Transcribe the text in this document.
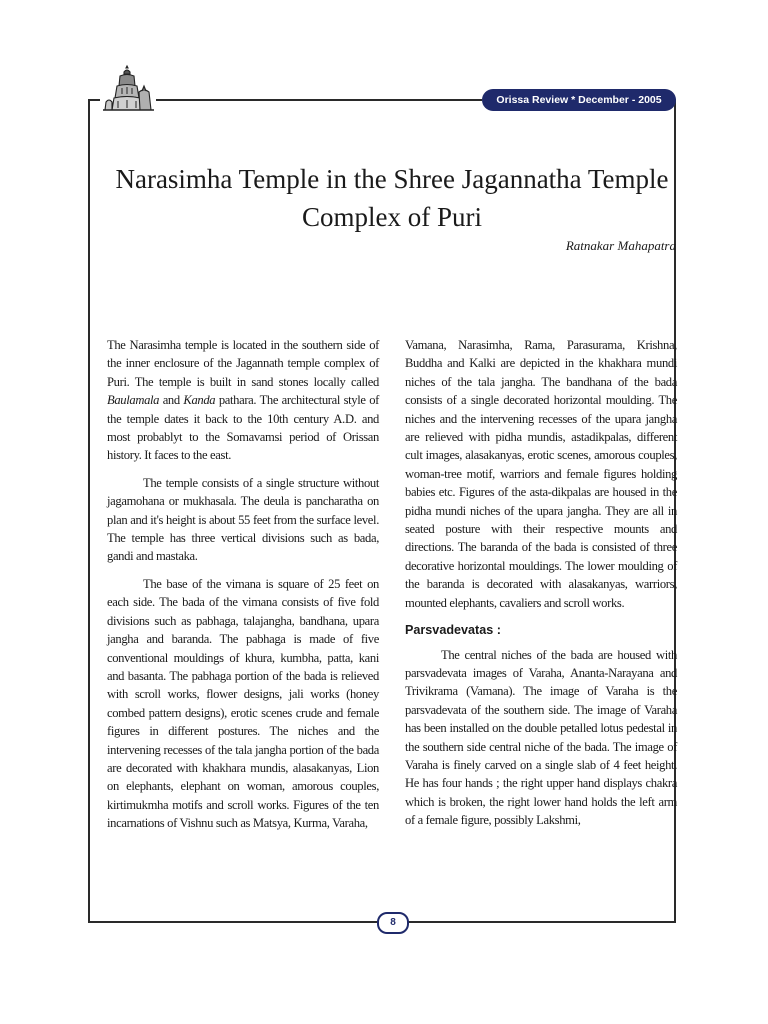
Orissa Review * December - 2005
Narasimha Temple in the Shree Jagannatha Temple Complex of Puri
Ratnakar Mahapatra

The Narasimha temple is located in the southern side of the inner enclosure of the Jagannath temple complex of Puri. The temple is built in sand stones locally called Baulamala and Kanda pathara. The architectural style of the temple dates it back to the 10th century A.D. and most probablyt to the Somavamsi period of Orissan history. It faces to the east.

The temple consists of a single structure without jagamohana or mukhasala. The deula is pancharatha on plan and it's height is about 55 feet from the surface level. The temple has three vertical divisions such as bada, gandi and mastaka.

The base of the vimana is square of 25 feet on each side. The bada of the vimana consists of five fold divisions such as pabhaga, talajangha, bandhana, upara jangha and baranda. The pabhaga is made of five conventional mouldings of khura, kumbha, patta, kani and basanta. The pabhaga portion of the bada is relieved with scroll works, flower designs, jali works (honey combed pattern designs), erotic scenes crude and female figures in different postures. The niches and the intervening recesses of the tala jangha portion of the bada are decorated with khakhara mundis, alasakanyas, Lion on elephants, elephant on woman, amorous couples, kirtimukmha motifs and scroll works. Figures of the ten incarnations of Vishnu such as Matsya, Kurma, Varaha,

Vamana, Narasimha, Rama, Parasurama, Krishna, Buddha and Kalki are depicted in the khakhara mundi niches of the tala jangha. The bandhana of the bada consists of a single decorated horizontal moulding. The niches and the intervening recesses of the upara jangha are relieved with pidha mundis, astadikpalas, different cult images, alasakanyas, erotic scenes, amorous couples, woman-tree motif, warriors and female figures holding babies etc. Figures of the asta-dikpalas are housed in the pidha mundi niches of the upara jangha. They are all in seated posture with their respective mounts and directions. The baranda of the bada is consisted of three decorative horizontal mouldings. The lower moulding of the baranda is decorated with alasakanyas, warriors, mounted elephants, cavaliers and scroll works.

Parsvadevatas :

The central niches of the bada are housed with parsvadevata images of Varaha, Ananta-Narayana and Trivikrama (Vamana). The image of Varaha is the parsvadevata of the southern side. The image of Varaha has been installed on the double petalled lotus pedestal in the southern side central niche of the bada. The image of Varaha is finely carved on a single slab of 4 feet height. He has four hands ; the right upper hand displays chakra which is broken, the right lower hand holds the left arm of a female figure, possibly Lakshmi,

8
